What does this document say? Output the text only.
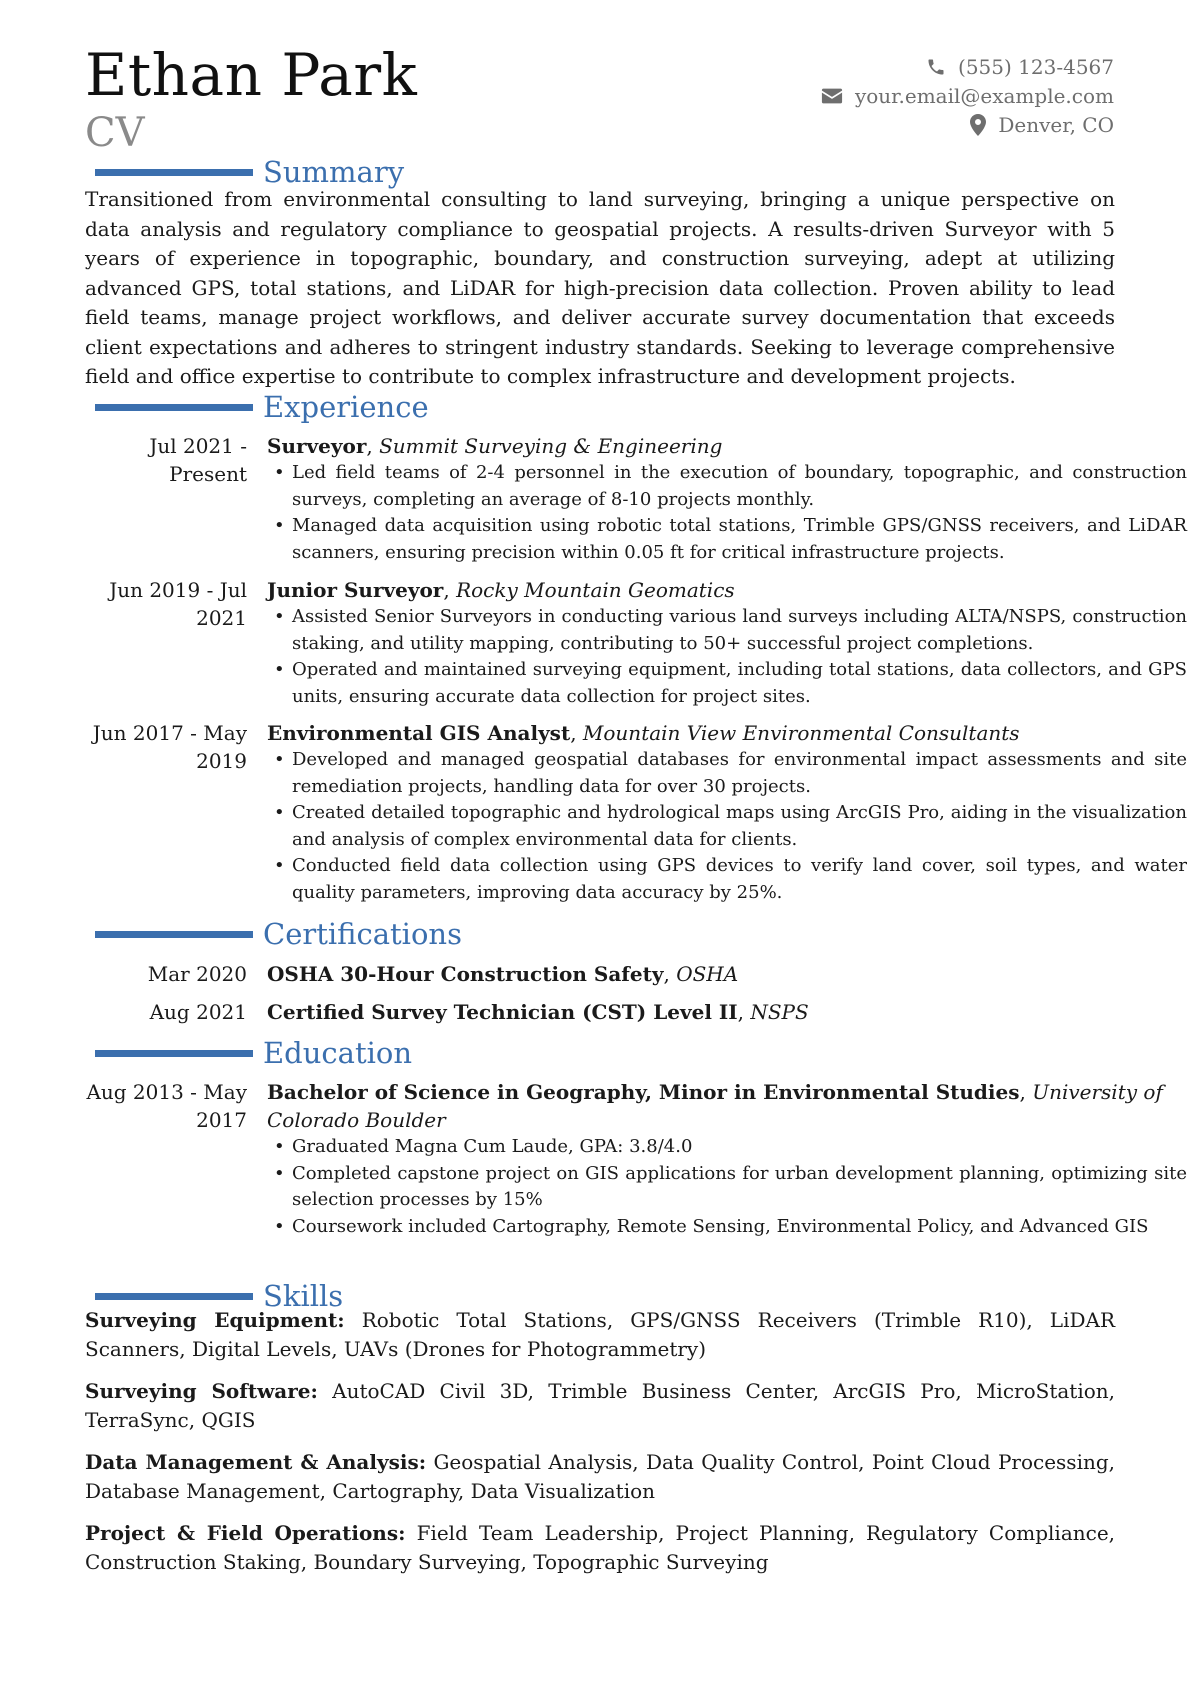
Ethan Park
CV
(555) 123-4567
your.email@example.com
Denver, CO
Summary
Transitioned from environmental consulting to land surveying, bringing a unique perspective on data analysis and regulatory compliance to geospatial projects. A results-driven Surveyor with 5 years of experience in topographic, boundary, and construction surveying, adept at utilizing advanced GPS, total stations, and LiDAR for high-precision data collection. Proven ability to lead field teams, manage project workflows, and deliver accurate survey documentation that exceeds client expectations and adheres to stringent industry standards. Seeking to leverage comprehensive field and office expertise to contribute to complex infrastructure and development projects.
Experience
Jul 2021 - Present
Surveyor, Summit Surveying & Engineering
• Led field teams of 2-4 personnel in the execution of boundary, topographic, and construction surveys, completing an average of 8-10 projects monthly.
• Managed data acquisition using robotic total stations, Trimble GPS/GNSS receivers, and LiDAR scanners, ensuring precision within 0.05 ft for critical infrastructure projects.
Jun 2019 - Jul 2021
Junior Surveyor, Rocky Mountain Geomatics
• Assisted Senior Surveyors in conducting various land surveys including ALTA/NSPS, construction staking, and utility mapping, contributing to 50+ successful project completions.
• Operated and maintained surveying equipment, including total stations, data collectors, and GPS units, ensuring accurate data collection for project sites.
Jun 2017 - May 2019
Environmental GIS Analyst, Mountain View Environmental Consultants
• Developed and managed geospatial databases for environmental impact assessments and site remediation projects, handling data for over 30 projects.
• Created detailed topographic and hydrological maps using ArcGIS Pro, aiding in the visualization and analysis of complex environmental data for clients.
• Conducted field data collection using GPS devices to verify land cover, soil types, and water quality parameters, improving data accuracy by 25%.
Certifications
Mar 2020 OSHA 30-Hour Construction Safety, OSHA
Aug 2021 Certified Survey Technician (CST) Level II, NSPS
Education
Aug 2013 - May 2017
Bachelor of Science in Geography, Minor in Environmental Studies, University of Colorado Boulder
• Graduated Magna Cum Laude, GPA: 3.8/4.0
• Completed capstone project on GIS applications for urban development planning, optimizing site selection processes by 15%
• Coursework included Cartography, Remote Sensing, Environmental Policy, and Advanced GIS
Skills
Surveying Equipment: Robotic Total Stations, GPS/GNSS Receivers (Trimble R10), LiDAR Scanners, Digital Levels, UAVs (Drones for Photogrammetry)
Surveying Software: AutoCAD Civil 3D, Trimble Business Center, ArcGIS Pro, MicroStation, TerraSync, QGIS
Data Management & Analysis: Geospatial Analysis, Data Quality Control, Point Cloud Processing, Database Management, Cartography, Data Visualization
Project & Field Operations: Field Team Leadership, Project Planning, Regulatory Compliance, Construction Staking, Boundary Surveying, Topographic Surveying
